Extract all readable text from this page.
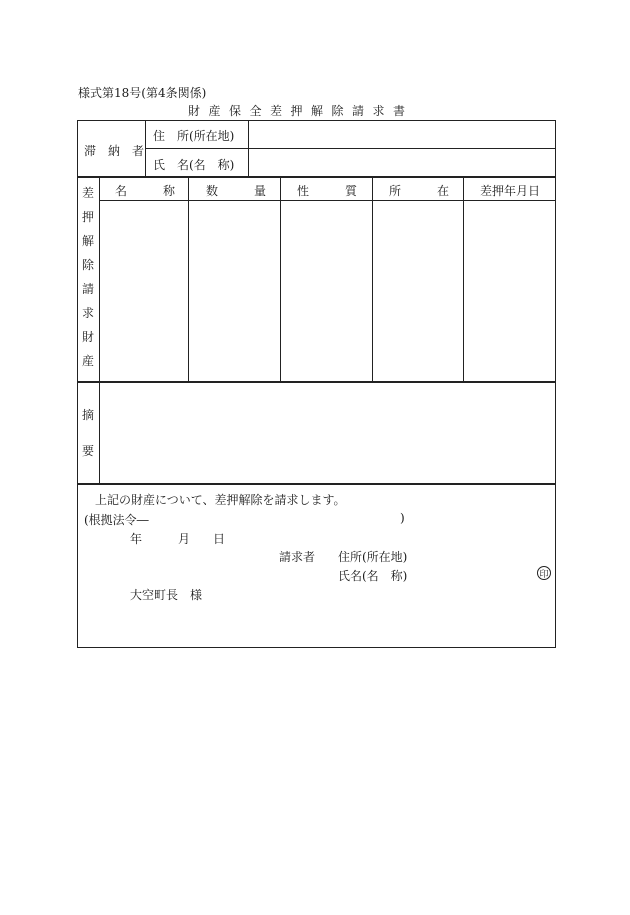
様式第18号(第4条関係)
財産保全差押解除請求書
滞　納　者
住　所(所在地)
氏　名(名　称)
差
押
解
除
請
求
財
産
名　　　称	数　　　量	性　　　質	所　　　在	差押年月日
摘
要
上記の財産について、差押解除を請求します。
(根拠法令―	)
年	月 日
請求者 住所(所在地)
氏名(名　称)	印
大空町長　様
